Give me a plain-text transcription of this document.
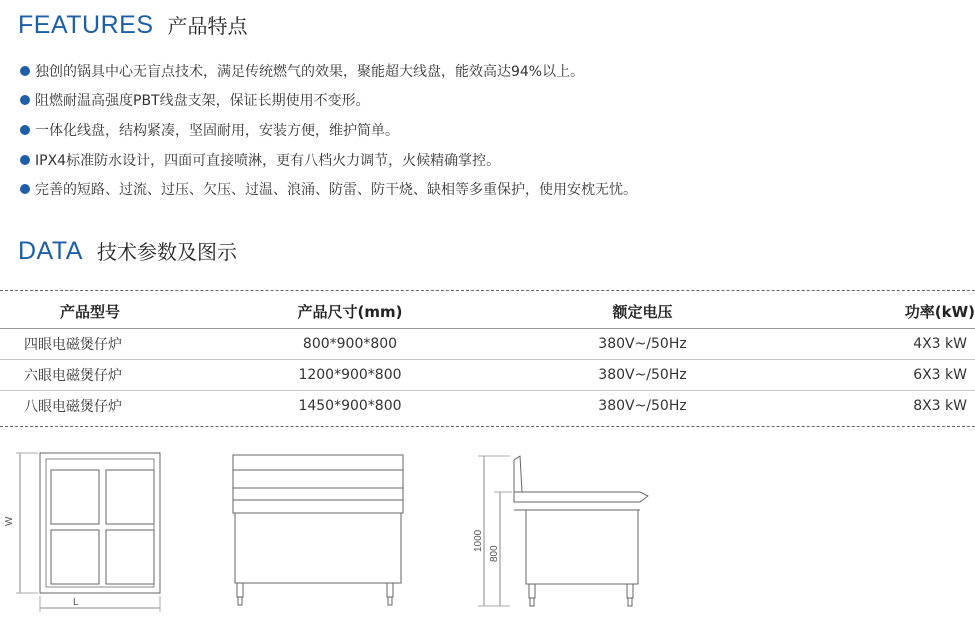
FEATURES 产品特点
独创的锅具中心无盲点技术，满足传统燃气的效果，聚能超大线盘，能效高达94%以上。
阻燃耐温高强度PBT线盘支架，保证长期使用不变形。
一体化线盘，结构紧凑，坚固耐用，安装方便，维护简单。
IPX4标准防水设计，四面可直接喷淋，更有八档火力调节，火候精确掌控。
完善的短路、过流、过压、欠压、过温、浪涌、防雷、防干烧、缺相等多重保护，使用安枕无忧。
DATA 技术参数及图示
产品型号	产品尺寸(mm)	额定电压	功率(kW)
四眼电磁煲仔炉	800*900*800	380V~/50Hz	4X3 kW
六眼电磁煲仔炉	1200*900*800	380V~/50Hz	6X3 kW
八眼电磁煲仔炉	1450*900*800	380V~/50Hz	8X3 kW
W
L
1000
800
